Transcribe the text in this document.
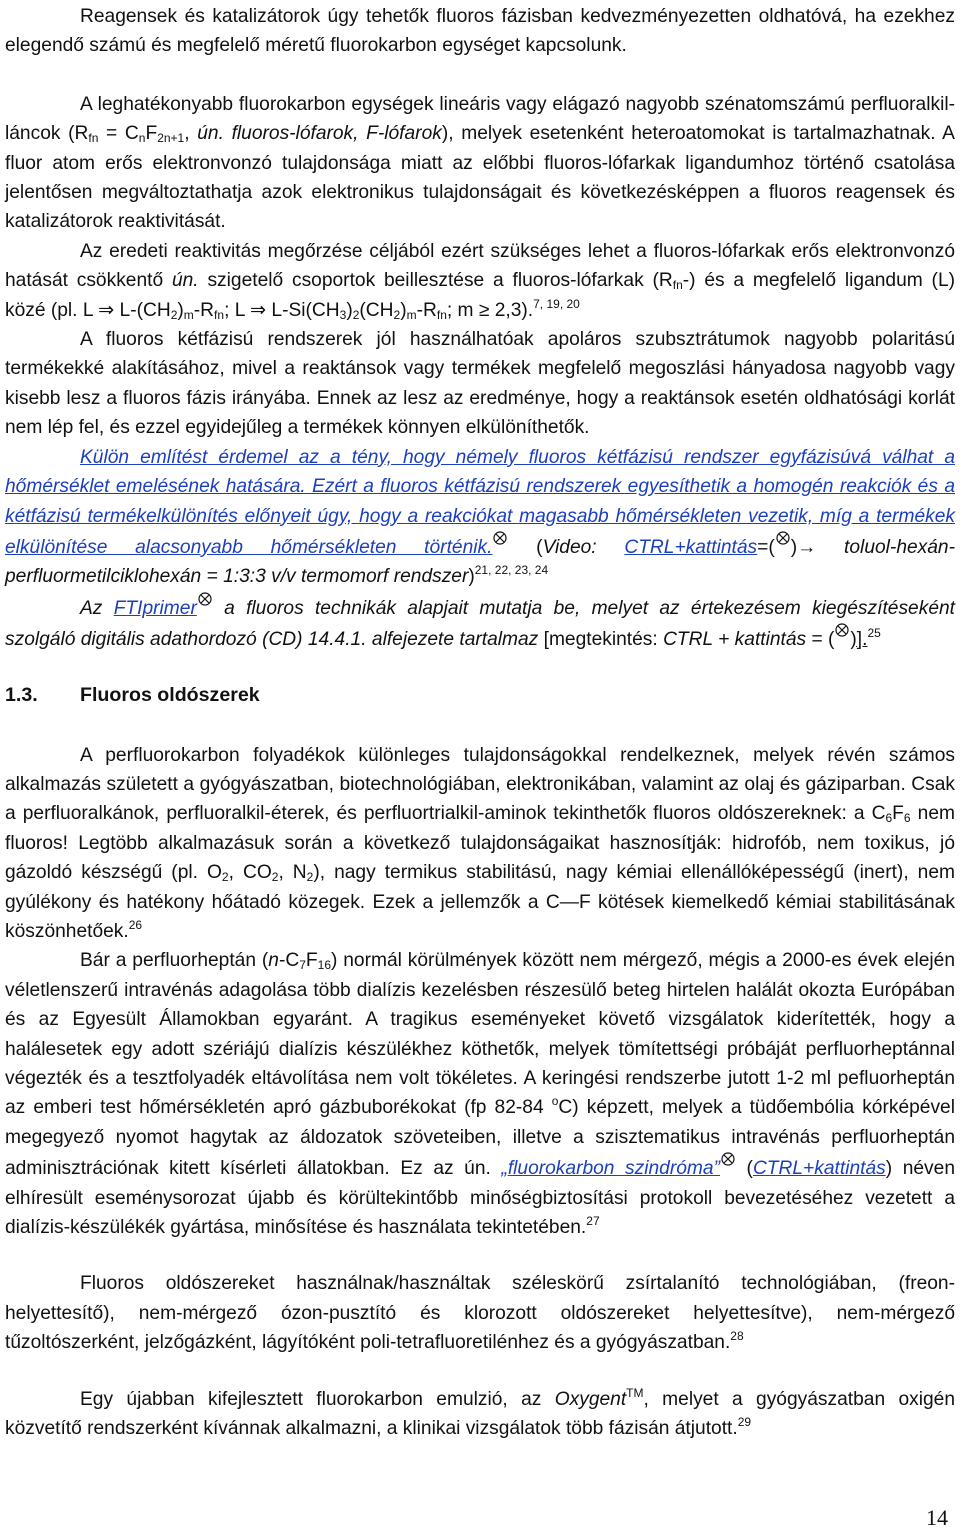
Reagensek és katalizátorok úgy tehetők fluoros fázisban kedvezményezetten oldhatóvá, ha ezekhez elegendő számú és megfelelő méretű fluorokarbon egységet kapcsolunk.

A leghatékonyabb fluorokarbon egységek lineáris vagy elágazó nagyobb szénatomszámú perfluoralkil-láncok ($R_{fn} = C_nF_{2n+1}$, ún. fluoros-lófarok, F-lófarok), melyek esetenként heteroatomokat is tartalmazhatnak. A fluor atom erős elektronvonzó tulajdonsága miatt az előbbi fluoros-lófarkak ligandumhoz történő csatolása jelentősen megváltoztathatja azok elektronikus tulajdonságait és következésképpen a fluoros reagensek és katalizátorok reaktivitását.

Az eredeti reaktivitás megőrzése céljából ezért szükséges lehet a fluoros-lófarkak erős elektronvonzó hatását csökkentő ún. szigetelő csoportok beillesztése a fluoros-lófarkak $(R_{fn}-)$ és a megfelelő ligandum (L) közé (pl. L ⇒ $L-(CH_2)_m-R_{fn}$; L ⇒ $L-Si(CH_3)_2(CH_2)_m-R_{fn}$; m ≥ 2,3).$^{7, 19, 20}$

A fluoros kétfázisú rendszerek jól használhatóak apoláros szubsztrátumok nagyobb polaritású termékekké alakításához, mivel a reaktánsok vagy termékek megfelelő megoszlási hányadosa nagyobb vagy kisebb lesz a fluoros fázis irányába. Ennek az lesz az eredménye, hogy a reaktánsok esetén oldhatósági korlát nem lép fel, és ezzel egyidejűleg a termékek könnyen elkülöníthetők.

Külön említést érdemel az a tény, hogy némely fluoros kétfázisú rendszer egyfázisúvá válhat a hőmérséklet emelésének hatására. Ezért a fluoros kétfázisú rendszerek egyesíthetik a homogén reakciók és a kétfázisú termékelkülönítés előnyeit úgy, hogy a reakciókat magasabb hőmérsékleten vezetik, míg a termékek elkülönítése alacsonyabb hőmérsékleten történik.
(Video: CTRL+kattintás=( )→ toluol-hexán-perfluormetilciklohexán = 1:3:3 v/v termomorf rendszer)$^{21, 22, 23, 24}$

Az FTIprimer
a fluoros technikák alapjait mutatja be, melyet az értekezésem kiegészítéseként szolgáló digitális adathordozó (CD) 14.4.1. alfejezete tartalmaz [megtekintés: CTRL + kattintás = ( )].$^{25}$

1.3. Fluoros oldószerek

A perfluorokarbon folyadékok különleges tulajdonságokkal rendelkeznek, melyek révén számos alkalmazás született a gyógyászatban, biotechnológiában, elektronikában, valamint az olaj és gáziparban. Csak a perfluoralkánok, perfluoralkil-éterek, és perfluortrialkil-aminok tekinthetők fluoros oldószereknek: a $C_6F_6$ nem fluoros! Legtöbb alkalmazásuk során a következő tulajdonságaikat hasznosítják: hidrofób, nem toxikus, jó gázoldó készségű (pl. $O_2$, $CO_2$, $N_2$), nagy termikus stabilitású, nagy kémiai ellenállóképességű (inert), nem gyúlékony és hatékony hőátadó közegek. Ezek a jellemzők a C—F kötések kiemelkedő kémiai stabilitásának köszönhetőek.$^{26}$

Bár a perfluorheptán $(n-C_7F_{16})$ normál körülmények között nem mérgező, mégis a 2000-es évek elején véletlenszerű intravénás adagolása több dialízis kezelésben részesülő beteg hirtelen halálát okozta Európában és az Egyesült Államokban egyaránt. A tragikus eseményeket követő vizsgálatok kiderítették, hogy a halálesetek egy adott szériájú dialízis készülékhez köthetők, melyek tömítettségi próbáját perfluorheptánnal végezték és a tesztfolyadék eltávolítása nem volt tökéletes. A keringési rendszerbe jutott 1-2 ml pefluorheptán az emberi test hőmérsékletén apró gázbuborékokat (fp 82-84 $^o$C) képzett, melyek a tüdőembólia kórképével megegyező nyomot hagytak az áldozatok szöveteiben, illetve a szisztematikus intravénás perfluorheptán adminisztrációnak kitett kísérleti állatokban. Ez az ún. „fluorokarbon szindróma”
(CTRL+kattintás) néven elhíresült eseménysorozat újabb és körültekintőbb minőségbiztosítási protokoll bevezetéséhez vezetett a dialízis-készülékék gyártása, minősítése és használata tekintetében.$^{27}$

Fluoros oldószereket használnak/használtak széleskörű zsírtalanító technológiában, (freon-helyettesítő), nem-mérgező ózon-pusztító és klorozott oldószereket helyettesítve), nem-mérgező tűzoltószerként, jelzőgázként, lágyítóként poli-tetrafluoretilénhez és a gyógyászatban.$^{28}$

Egy újabban kifejlesztett fluorokarbon emulzió, az Oxygent™, melyet a gyógyászatban oxigén közvetítő rendszerként kívánnak alkalmazni, a klinikai vizsgálatok több fázisán átjutott.$^{29}$

14
